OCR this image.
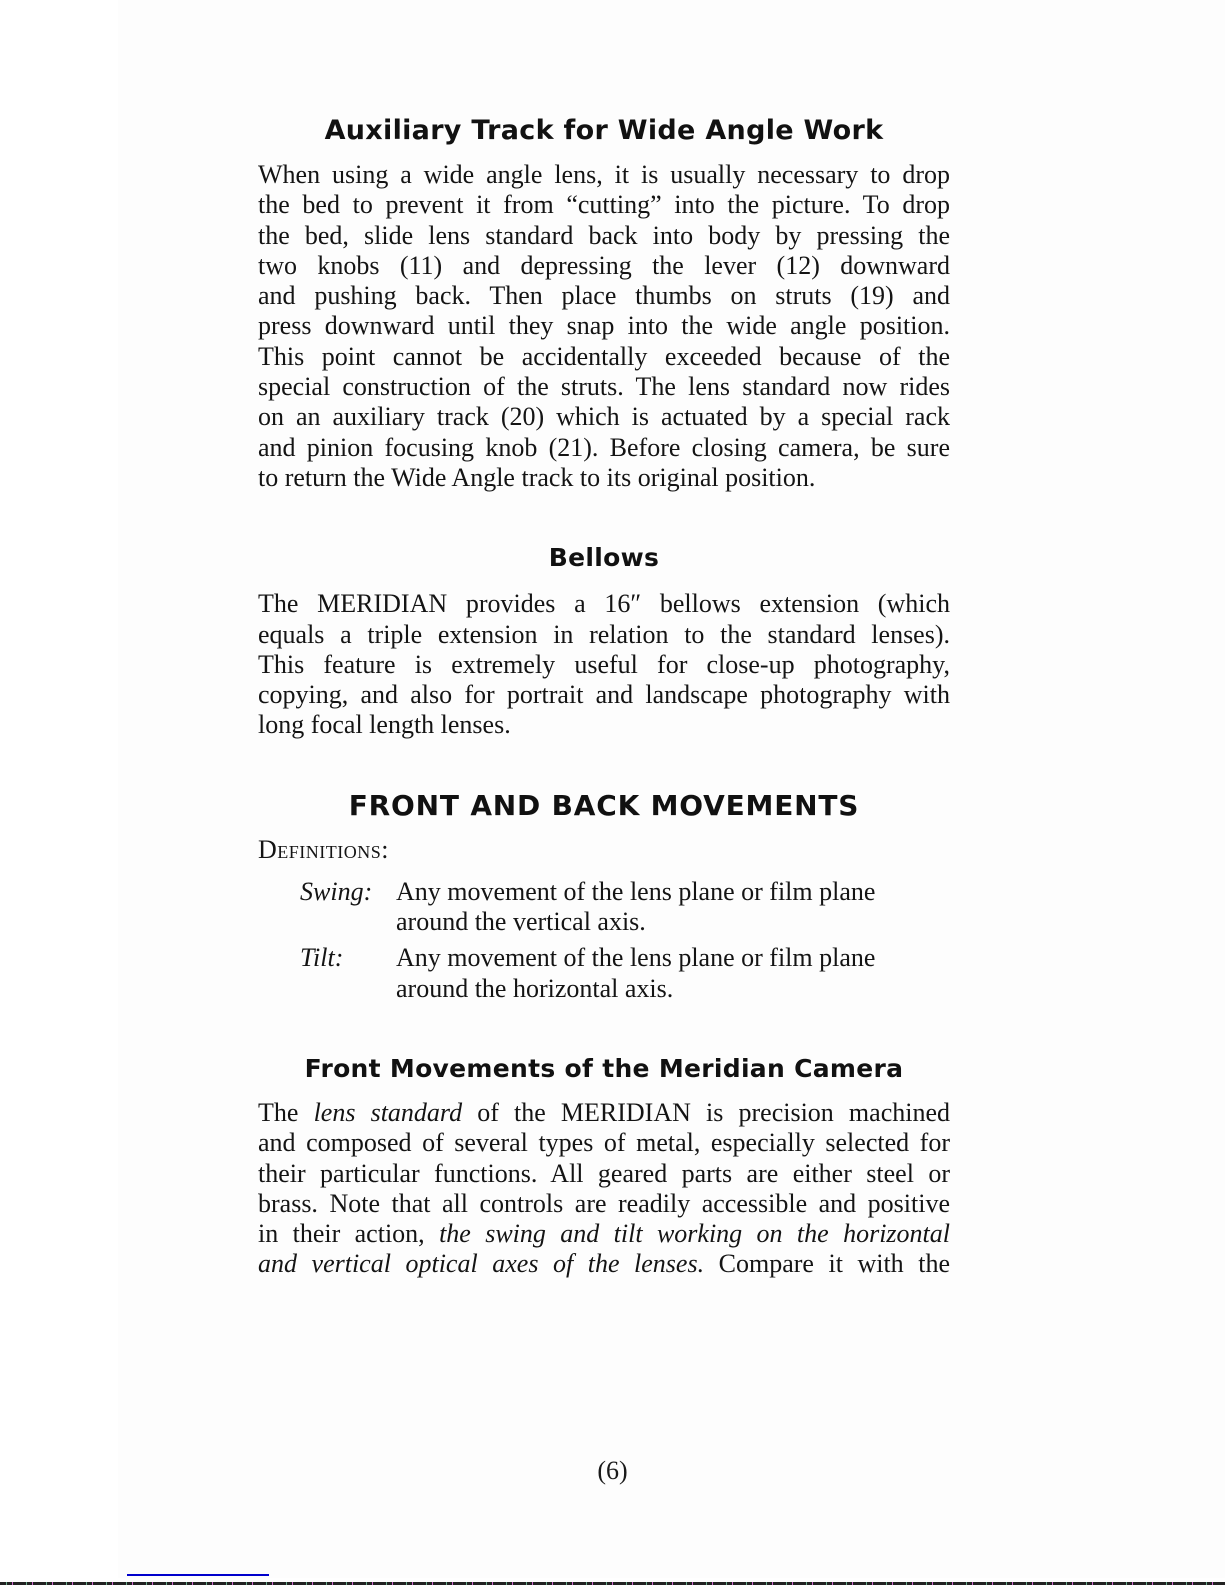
Auxiliary Track for Wide Angle Work
When using a wide angle lens, it is usually necessary to drop
the bed to prevent it from “cutting” into the picture. To drop
the bed, slide lens standard back into body by pressing the
two knobs (11) and depressing the lever (12) downward
and pushing back. Then place thumbs on struts (19) and
press downward until they snap into the wide angle position.
This point cannot be accidentally exceeded because of the
special construction of the struts. The lens standard now rides
on an auxiliary track (20) which is actuated by a special rack
and pinion focusing knob (21). Before closing camera, be sure
to return the Wide Angle track to its original position.
Bellows
The MERIDIAN provides a 16″ bellows extension (which
equals a triple extension in relation to the standard lenses).
This feature is extremely useful for close-up photography,
copying, and also for portrait and landscape photography with
long focal length lenses.
FRONT AND BACK MOVEMENTS

Definitions:

Swing: Any movement of the lens plane or film plane
around the vertical axis.
Tilt:	Any movement of the lens plane or film plane
around the horizontal axis.
Front Movements of the Meridian Camera
The lens standard of the MERIDIAN is precision machined
and composed of several types of metal, especially selected for
their particular functions. All geared parts are either steel or
brass. Note that all controls are readily accessible and positive
in their action, the swing and tilt working on the horizontal
and vertical optical axes of the lenses. Compare it with the
(6)
